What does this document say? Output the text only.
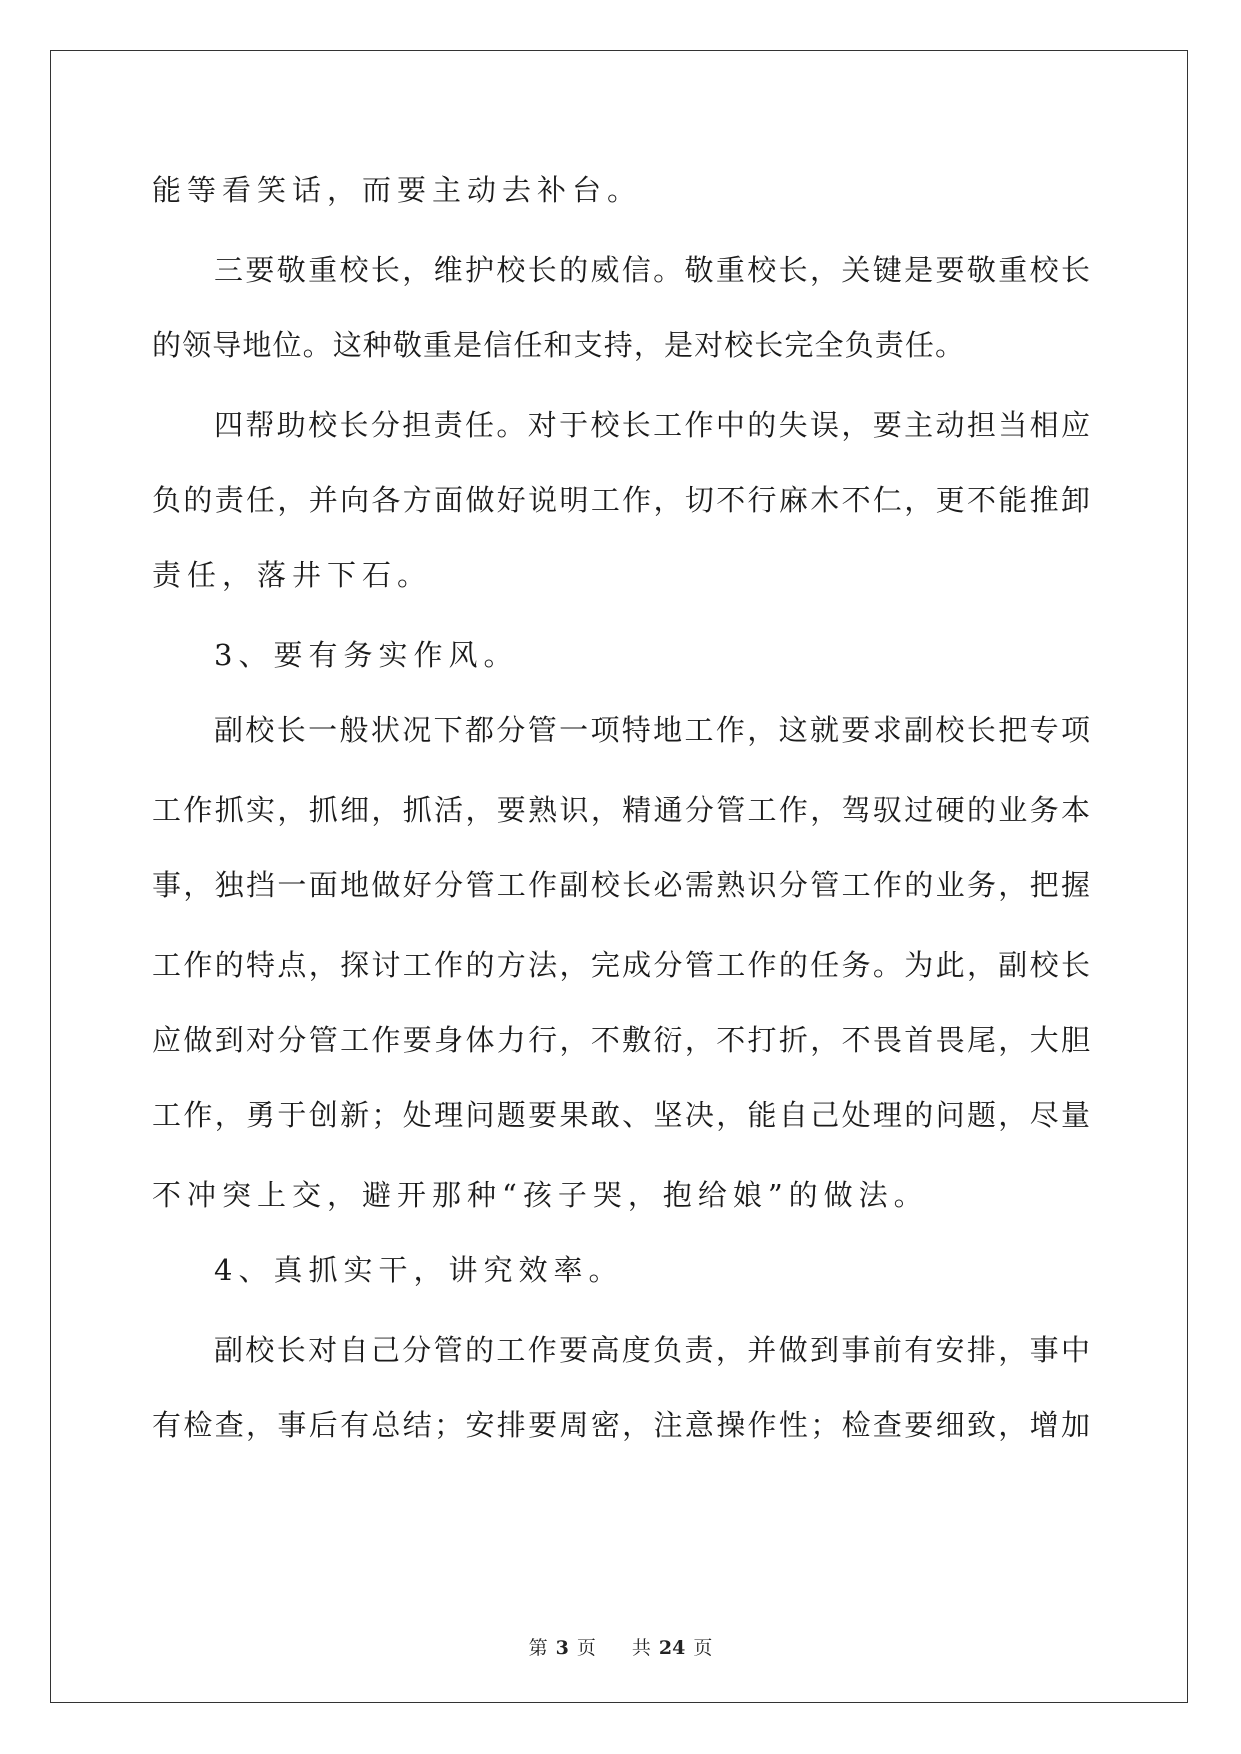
能等看笑话，而要主动去补台。
三要敬重校长，维护校长的威信。敬重校长，关键是要敬重校长
的领导地位。这种敬重是信任和支持，是对校长完全负责任。
四帮助校长分担责任。对于校长工作中的失误，要主动担当相应
负的责任，并向各方面做好说明工作，切不行麻木不仁，更不能推卸
责任，落井下石。
3、要有务实作风。
副校长一般状况下都分管一项特地工作，这就要求副校长把专项
工作抓实，抓细，抓活，要熟识，精通分管工作，驾驭过硬的业务本
事，独挡一面地做好分管工作副校长必需熟识分管工作的业务，把握
工作的特点，探讨工作的方法，完成分管工作的任务。为此，副校长
应做到对分管工作要身体力行，不敷衍，不打折，不畏首畏尾，大胆
工作，勇于创新；处理问题要果敢、坚决，能自己处理的问题，尽量
不冲突上交，避开那种“孩子哭，抱给娘”的做法。
4、真抓实干，讲究效率。
副校长对自己分管的工作要高度负责，并做到事前有安排，事中
有检查，事后有总结；安排要周密，注意操作性；检查要细致，增加
第 3 页 共 24 页
